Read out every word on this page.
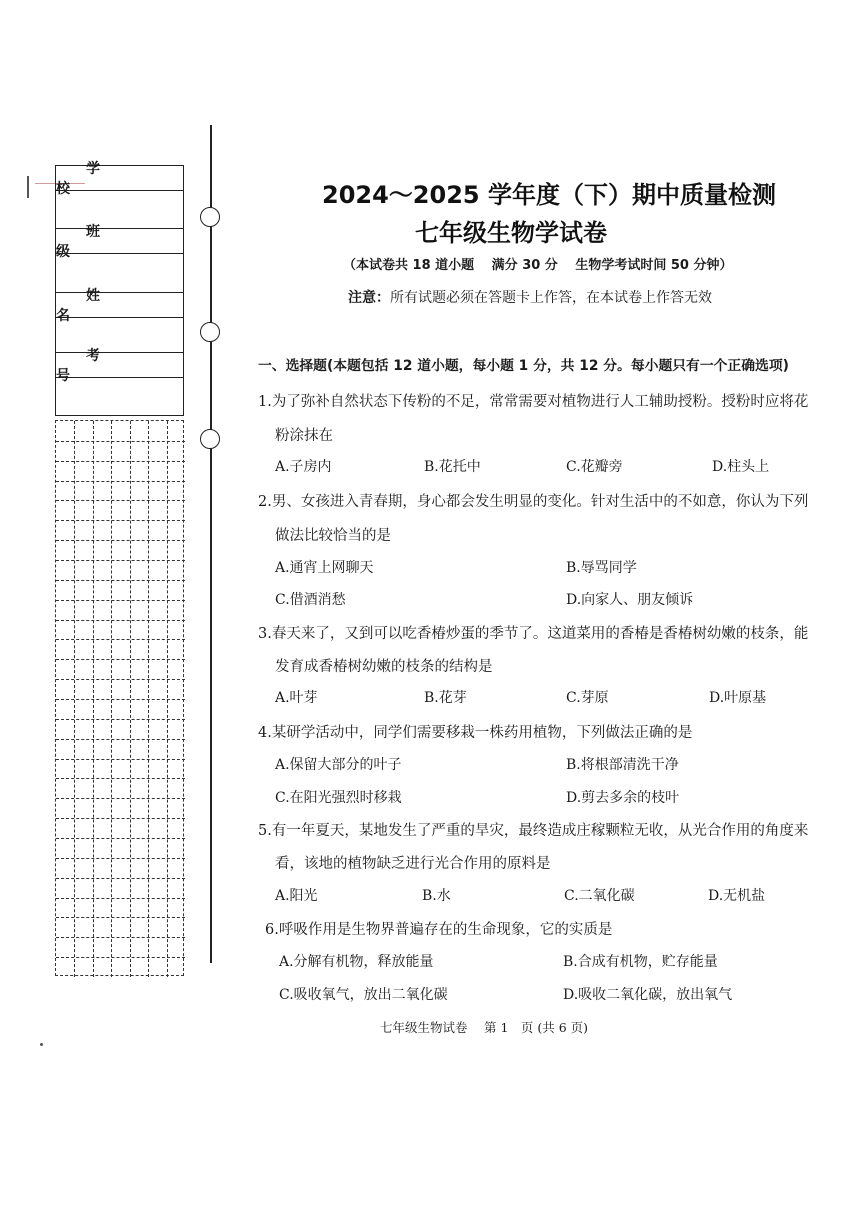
学 校
班 级
姓 名
考 号
2024～2025 学年度（下）期中质量检测
七年级生物学试卷
（本试卷共 18 道小题　 满分 30 分　 生物学考试时间 50 分钟）
注意：所有试题必须在答题卡上作答，在本试卷上作答无效
一、选择题(本题包括 12 道小题，每小题 1 分，共 12 分。每小题只有一个正确选项)
1.为了弥补自然状态下传粉的不足，常常需要对植物进行人工辅助授粉。授粉时应将花
粉涂抹在
A.子房内	B.花托中	C.花瓣旁	D.柱头上
2.男、女孩进入青春期，身心都会发生明显的变化。针对生活中的不如意，你认为下列
做法比较恰当的是
A.通宵上网聊天	B.辱骂同学
C.借酒消愁	D.向家人、朋友倾诉
3.春天来了，又到可以吃香椿炒蛋的季节了。这道菜用的香椿是香椿树幼嫩的枝条，能
发育成香椿树幼嫩的枝条的结构是
A.叶芽	B.花芽	C.芽原	D.叶原基
4.某研学活动中，同学们需要移栽一株药用植物，下列做法正确的是
A.保留大部分的叶子	B.将根部清洗干净
C.在阳光强烈时移栽	D.剪去多余的枝叶
5.有一年夏天，某地发生了严重的旱灾，最终造成庄稼颗粒无收，从光合作用的角度来
看，该地的植物缺乏进行光合作用的原料是
A.阳光	B.水	C.二氧化碳	D.无机盐
6.呼吸作用是生物界普遍存在的生命现象，它的实质是
A.分解有机物，释放能量	B.合成有机物，贮存能量
C.吸收氧气，放出二氧化碳	D.吸收二氧化碳，放出氧气
七年级生物试卷　 第 1　页 (共 6 页)
